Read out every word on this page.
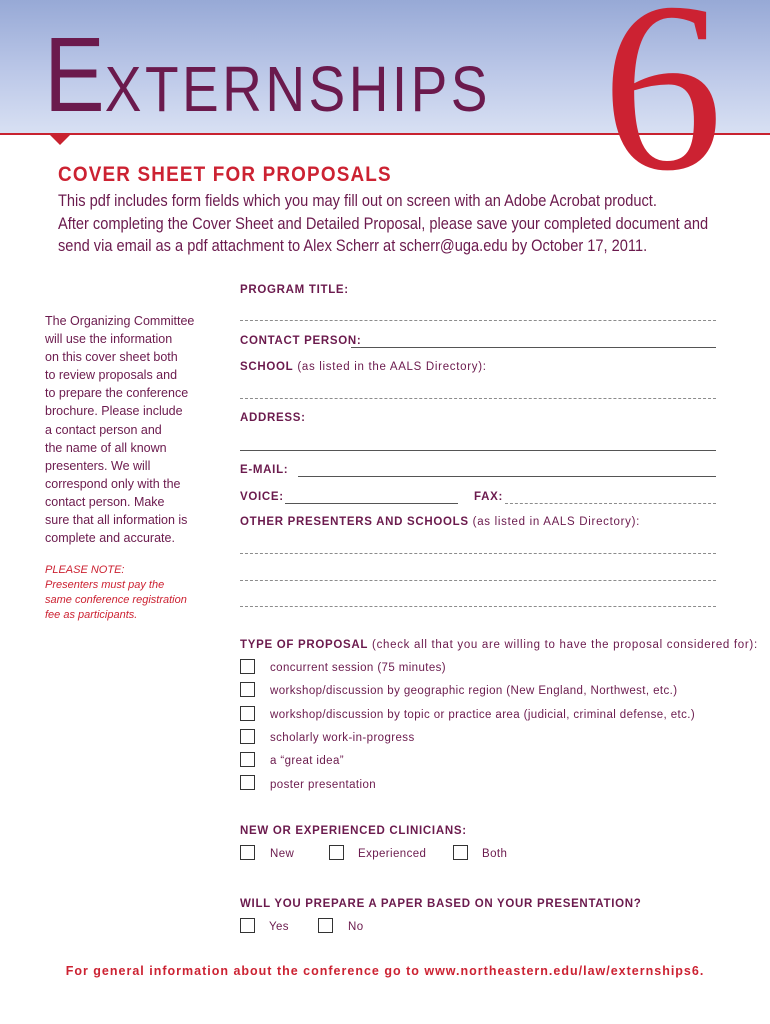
EXTERNSHIPS 6
COVER SHEET FOR PROPOSALS
This pdf includes form fields which you may fill out on screen with an Adobe Acrobat product.
After completing the Cover Sheet and Detailed Proposal, please save your completed document and
send via email as a pdf attachment to Alex Scherr at scherr@uga.edu by October 17, 2011.
The Organizing Committee
will use the information
on this cover sheet both
to review proposals and
to prepare the conference
brochure. Please include
a contact person and
the name of all known
presenters. We will
correspond only with the
contact person. Make
sure that all information is
complete and accurate.
PLEASE NOTE:
Presenters must pay the
same conference registration
fee as participants.
PROGRAM TITLE:
CONTACT PERSON:
SCHOOL (as listed in the AALS Directory):
ADDRESS:
E-MAIL:
VOICE:	FAX:
OTHER PRESENTERS AND SCHOOLS (as listed in AALS Directory):
TYPE OF PROPOSAL (check all that you are willing to have the proposal considered for):
concurrent session (75 minutes)
workshop/discussion by geographic region (New England, Northwest, etc.)
workshop/discussion by topic or practice area (judicial, criminal defense, etc.)
scholarly work-in-progress
a “great idea”
poster presentation
NEW OR EXPERIENCED CLINICIANS:
New	Experienced	Both
WILL YOU PREPARE A PAPER BASED ON YOUR PRESENTATION?
Yes	No
For general information about the conference go to www.northeastern.edu/law/externships6.
